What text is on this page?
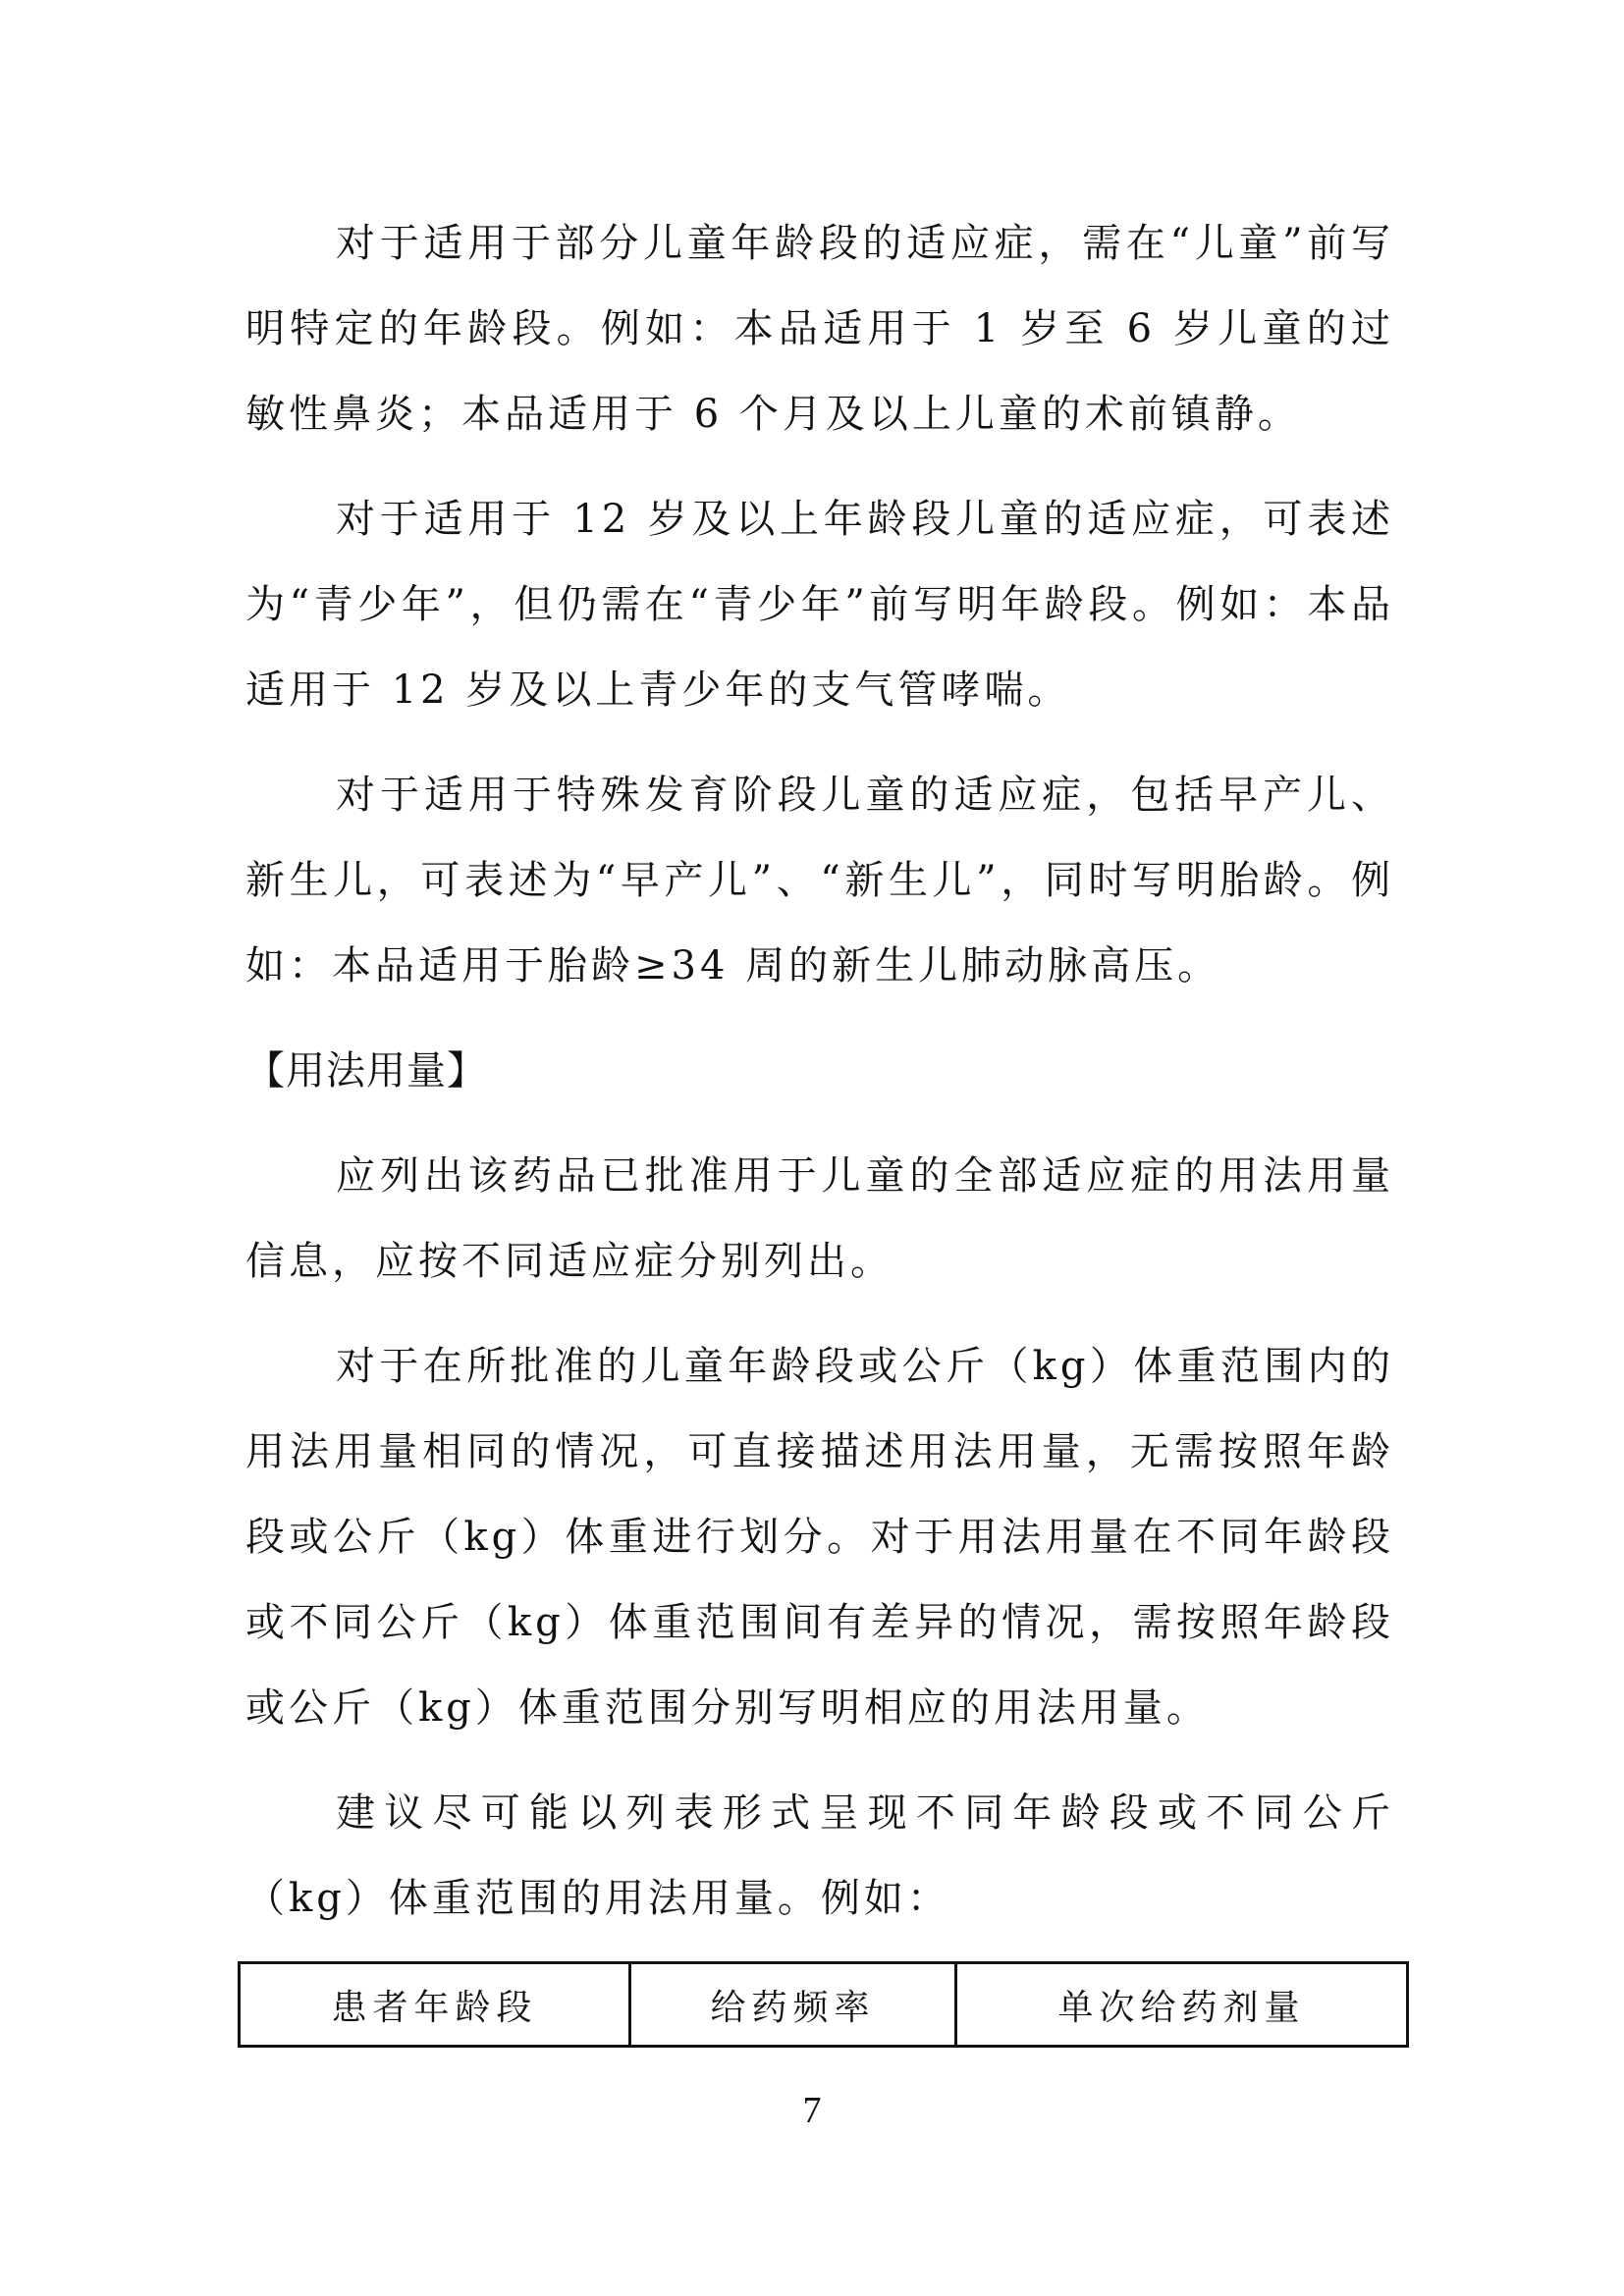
对于适用于部分儿童年龄段的适应症，需在“儿童”前写明特定的年龄段。例如：本品适用于 1 岁至 6 岁儿童的过敏性鼻炎；本品适用于 6 个月及以上儿童的术前镇静。

对于适用于 12 岁及以上年龄段儿童的适应症，可表述为“青少年”，但仍需在“青少年”前写明年龄段。例如：本品适用于 12 岁及以上青少年的支气管哮喘。

对于适用于特殊发育阶段儿童的适应症，包括早产儿、新生儿，可表述为“早产儿”、“新生儿”，同时写明胎龄。例如：本品适用于胎龄≥34 周的新生儿肺动脉高压。

【用法用量】

应列出该药品已批准用于儿童的全部适应症的用法用量信息，应按不同适应症分别列出。

对于在所批准的儿童年龄段或公斤（kg）体重范围内的用法用量相同的情况，可直接描述用法用量，无需按照年龄段或公斤（kg）体重进行划分。对于用法用量在不同年龄段或不同公斤（kg）体重范围间有差异的情况，需按照年龄段或公斤（kg）体重范围分别写明相应的用法用量。

建议尽可能以列表形式呈现不同年龄段或不同公斤（kg）体重范围的用法用量。例如：

患者年龄段	给药频率	单次给药剂量
7
